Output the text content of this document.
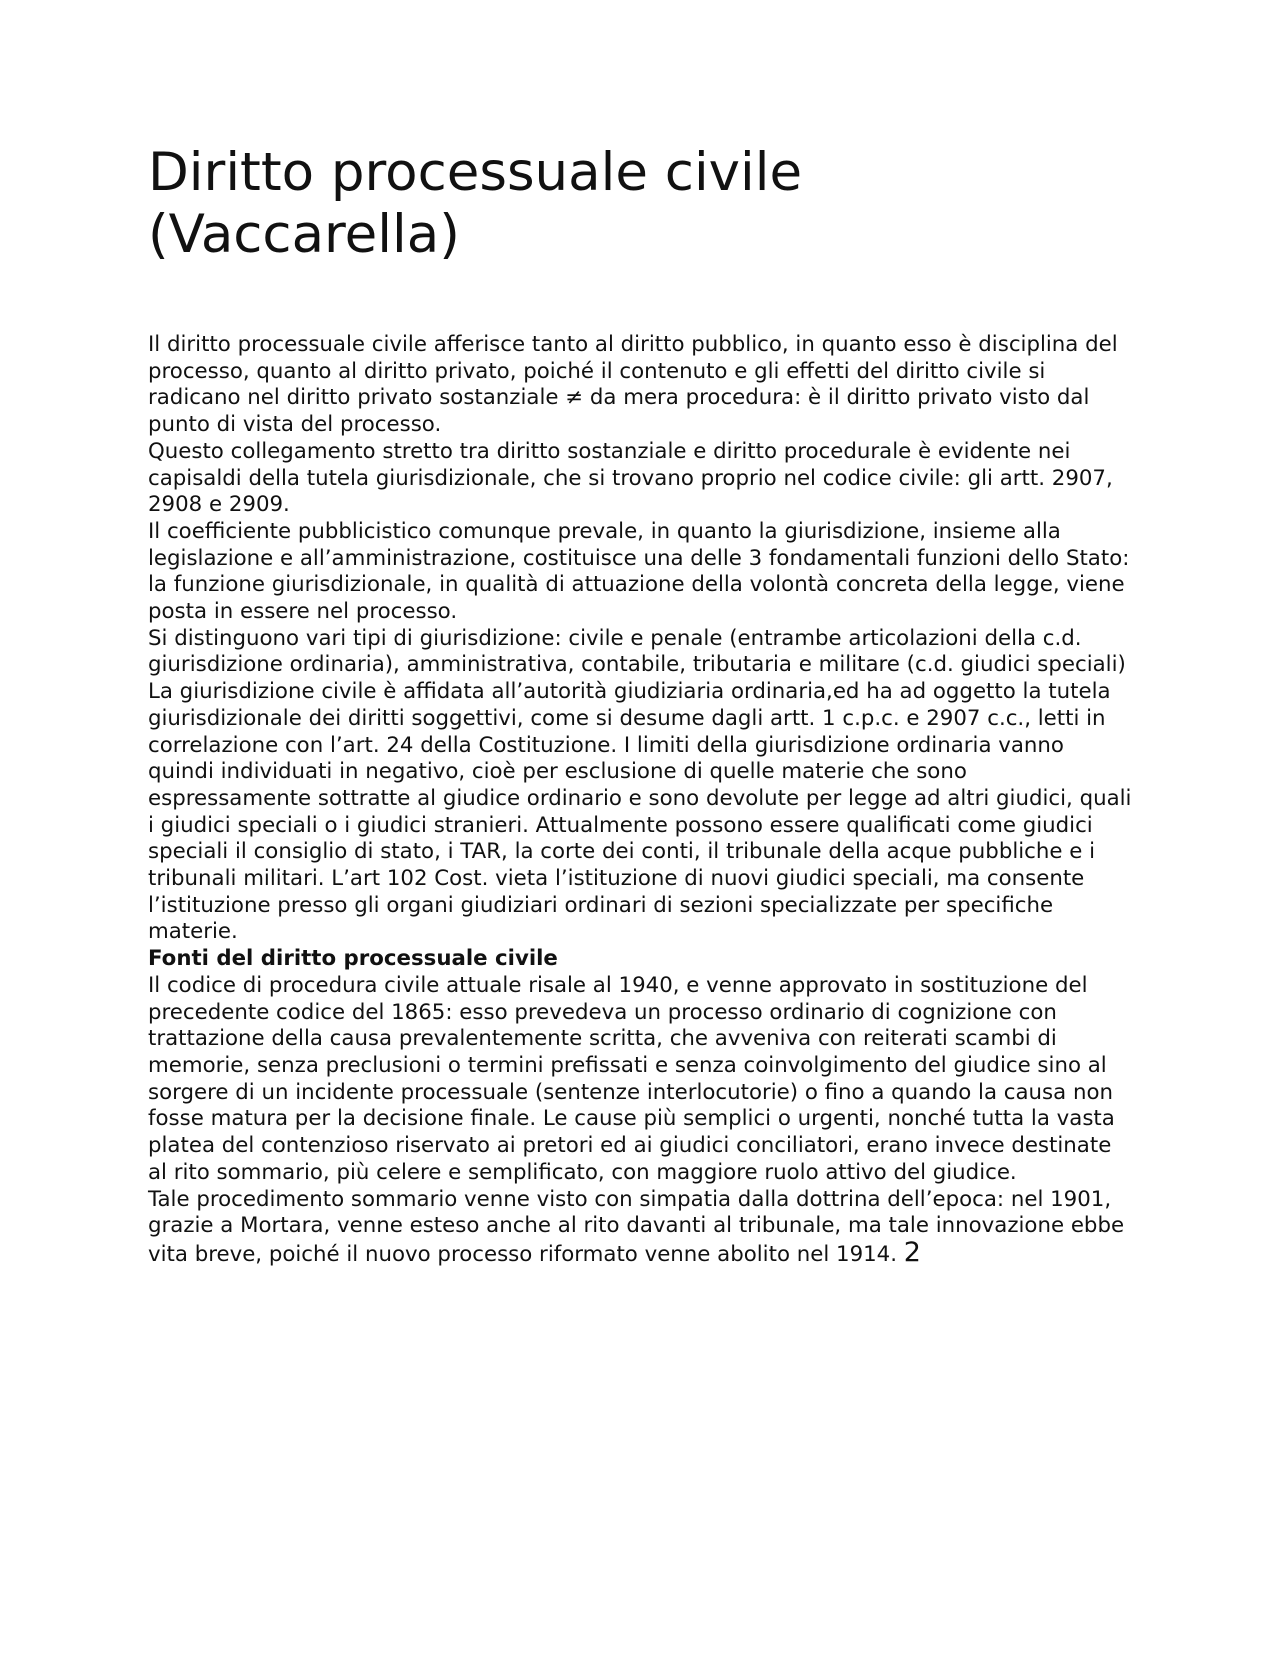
Diritto processuale civile
(Vaccarella)

Il diritto processuale civile afferisce tanto al diritto pubblico, in quanto esso è disciplina del processo, quanto al diritto privato, poiché il contenuto e gli effetti del diritto civile si radicano nel diritto privato sostanziale ≠ da mera procedura: è il diritto privato visto dal punto di vista del processo.

Questo collegamento stretto tra diritto sostanziale e diritto procedurale è evidente nei capisaldi della tutela giurisdizionale, che si trovano proprio nel codice civile: gli artt. 2907, 2908 e 2909.

Il coefficiente pubblicistico comunque prevale, in quanto la giurisdizione, insieme alla legislazione e all’amministrazione, costituisce una delle 3 fondamentali funzioni dello Stato: la funzione giurisdizionale, in qualità di attuazione della volontà concreta della legge, viene posta in essere nel processo.

Si distinguono vari tipi di giurisdizione: civile e penale (entrambe articolazioni della c.d. giurisdizione ordinaria), amministrativa, contabile, tributaria e militare (c.d. giudici speciali)

La giurisdizione civile è affidata all’autorità giudiziaria ordinaria,ed ha ad oggetto la tutela giurisdizionale dei diritti soggettivi, come si desume dagli artt. 1 c.p.c. e 2907 c.c., letti in correlazione con l’art. 24 della Costituzione. I limiti della giurisdizione ordinaria vanno quindi individuati in negativo, cioè per esclusione di quelle materie che sono espressamente sottratte al giudice ordinario e sono devolute per legge ad altri giudici, quali i giudici speciali o i giudici stranieri. Attualmente possono essere qualificati come giudici speciali il consiglio di stato, i TAR, la corte dei conti, il tribunale della acque pubbliche e i tribunali militari. L’art 102 Cost. vieta l’istituzione di nuovi giudici speciali, ma consente l’istituzione presso gli organi giudiziari ordinari di sezioni specializzate per specifiche materie.

Fonti del diritto processuale civile

Il codice di procedura civile attuale risale al 1940, e venne approvato in sostituzione del precedente codice del 1865: esso prevedeva un processo ordinario di cognizione con trattazione della causa prevalentemente scritta, che avveniva con reiterati scambi di memorie, senza preclusioni o termini prefissati e senza coinvolgimento del giudice sino al sorgere di un incidente processuale (sentenze interlocutorie) o fino a quando la causa non fosse matura per la decisione finale. Le cause più semplici o urgenti, nonché tutta la vasta platea del contenzioso riservato ai pretori ed ai giudici conciliatori, erano invece destinate al rito sommario, più celere e semplificato, con maggiore ruolo attivo del giudice.

Tale procedimento sommario venne visto con simpatia dalla dottrina dell’epoca: nel 1901, grazie a Mortara, venne esteso anche al rito davanti al tribunale, ma tale innovazione ebbe vita breve, poiché il nuovo processo riformato venne abolito nel 1914. 2
